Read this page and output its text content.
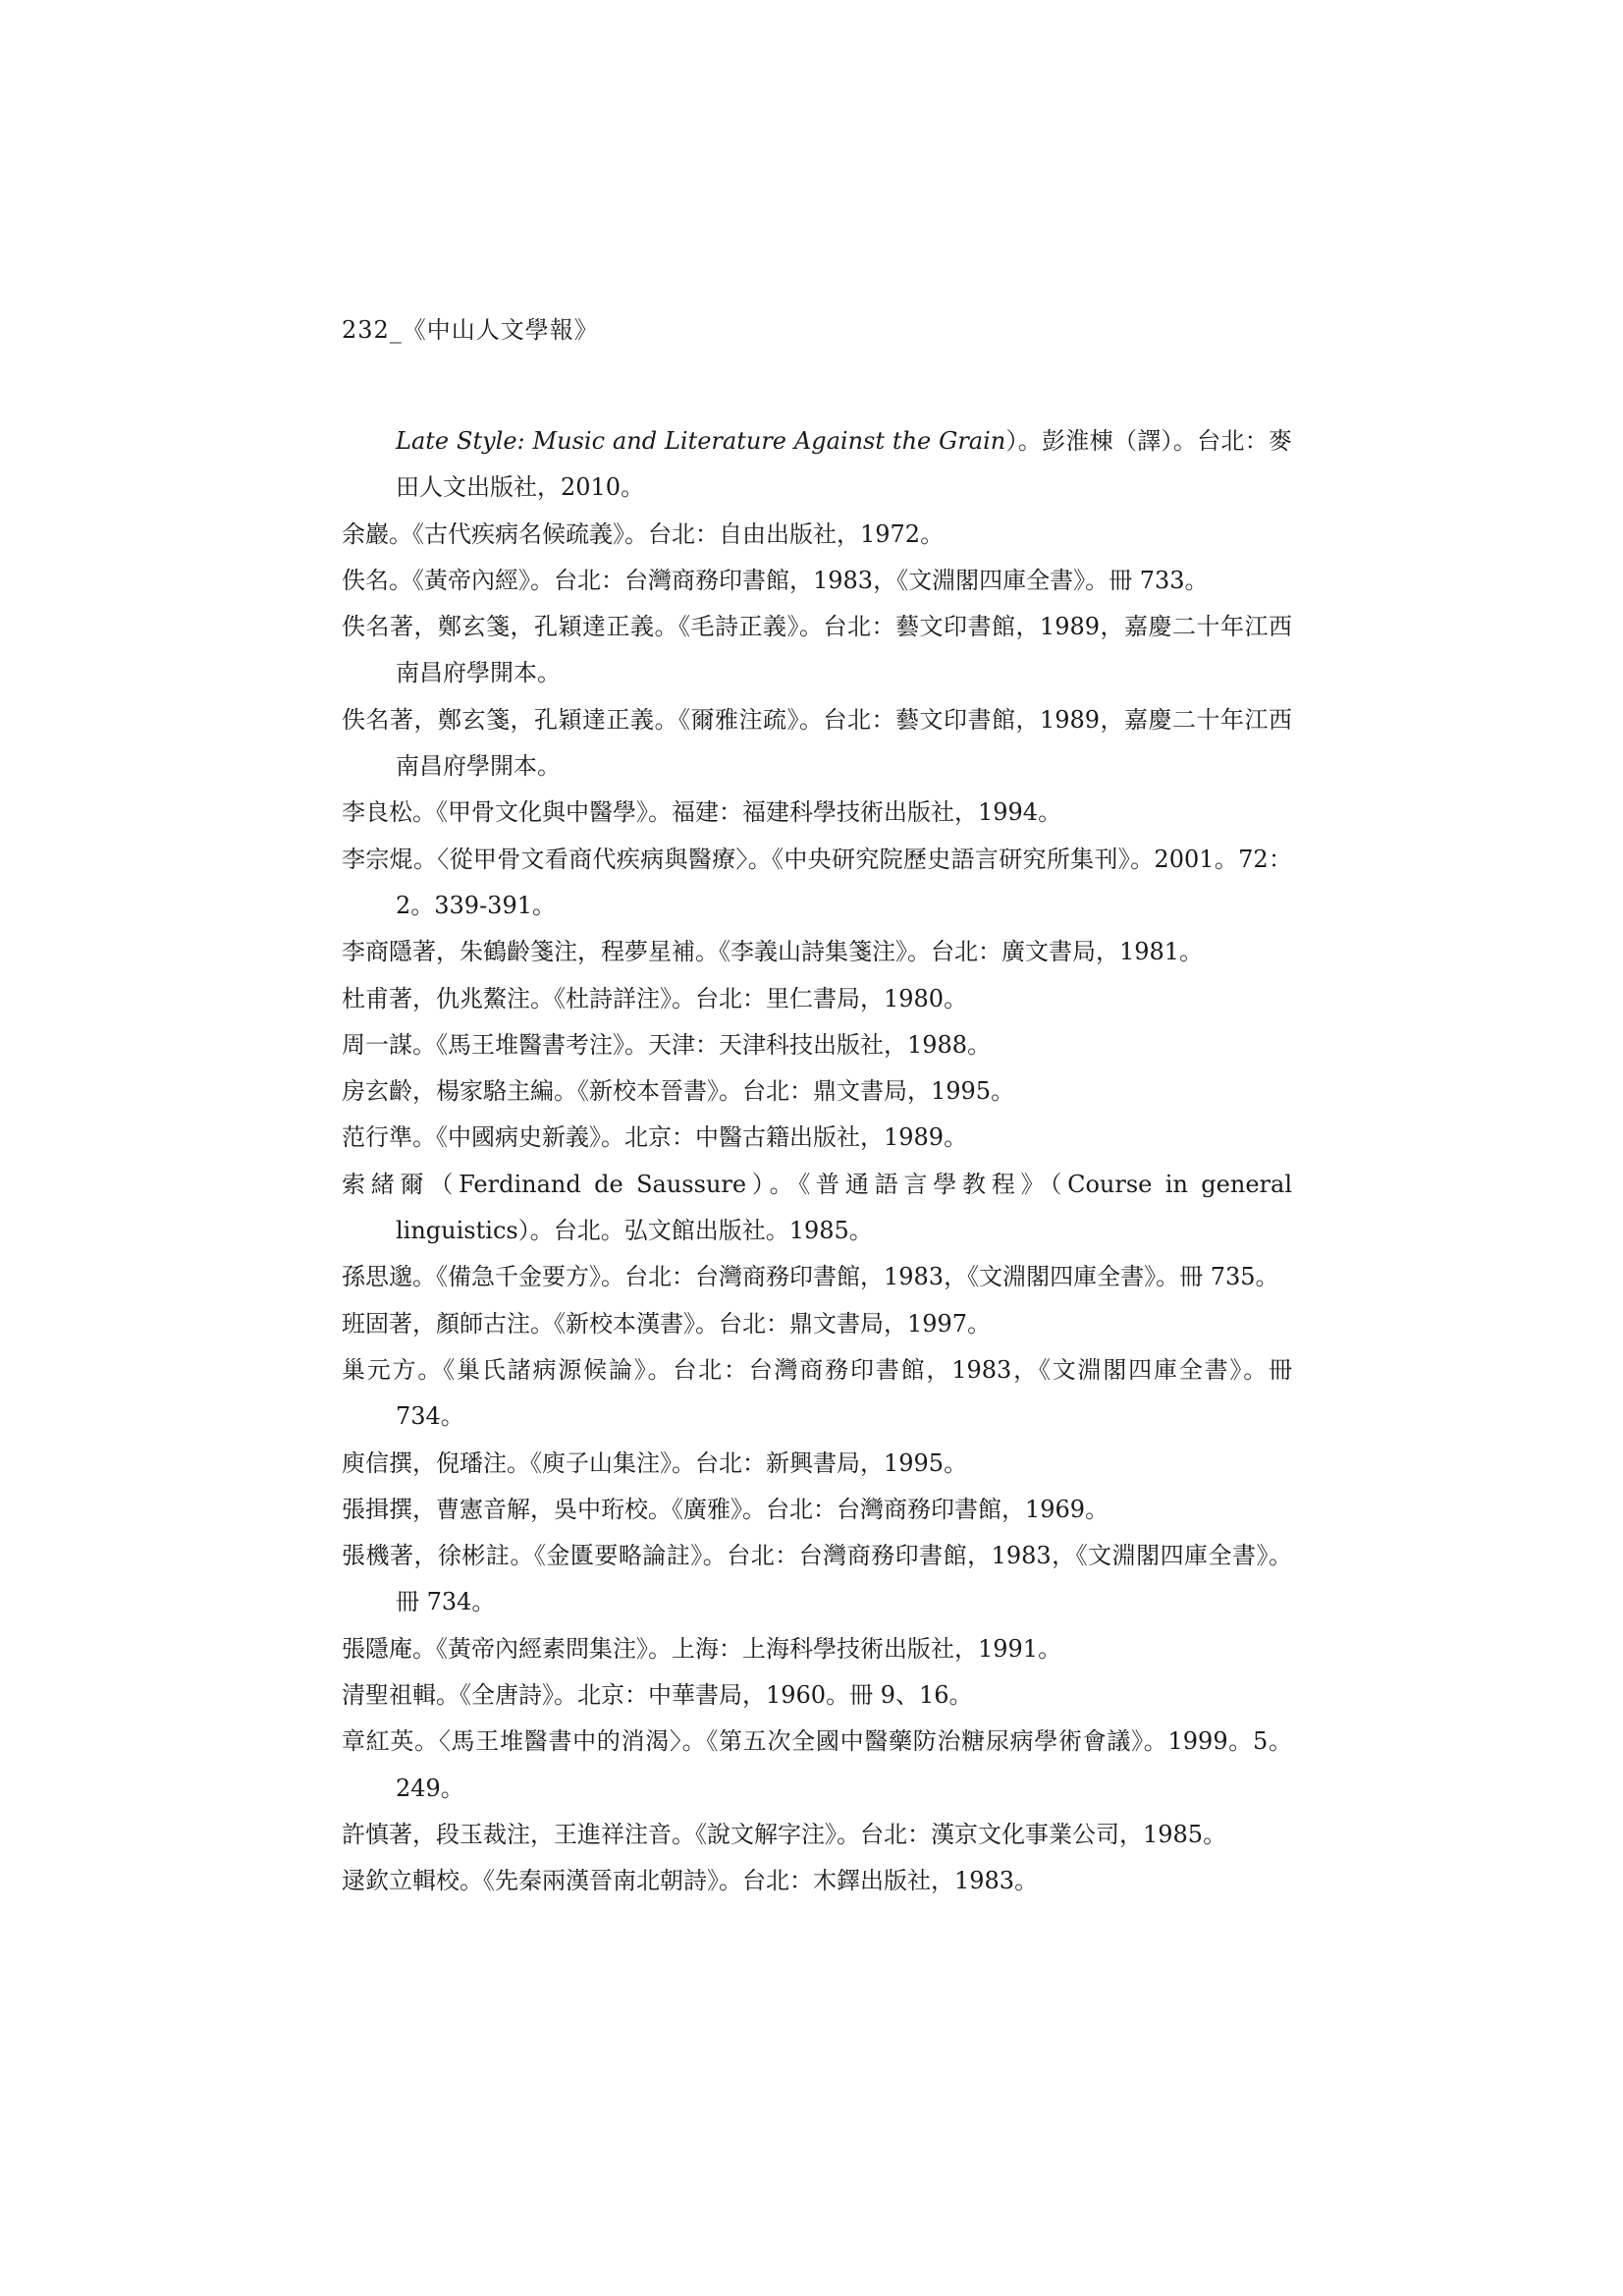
232_《中山人文學報》
Late Style: Music and Literature Against the Grain）。彭淮棟（譯）。台北：麥田人文出版社，2010。
余巖。《古代疾病名候疏義》。台北：自由出版社，1972。
佚名。《黃帝內經》。台北：台灣商務印書館，1983，《文淵閣四庫全書》。冊 733。
佚名著，鄭玄箋，孔穎達正義。《毛詩正義》。台北：藝文印書館，1989，嘉慶二十年江西南昌府學開本。
佚名著，鄭玄箋，孔穎達正義。《爾雅注疏》。台北：藝文印書館，1989，嘉慶二十年江西南昌府學開本。
李良松。《甲骨文化與中醫學》。福建：福建科學技術出版社，1994。
李宗焜。〈從甲骨文看商代疾病與醫療〉。《中央研究院歷史語言研究所集刊》。2001。72：2。339-391。
李商隱著，朱鶴齡箋注，程夢星補。《李義山詩集箋注》。台北：廣文書局，1981。
杜甫著，仇兆鰲注。《杜詩詳注》。台北：里仁書局，1980。
周一謀。《馬王堆醫書考注》。天津：天津科技出版社，1988。
房玄齡，楊家駱主編。《新校本晉書》。台北：鼎文書局，1995。
范行準。《中國病史新義》。北京：中醫古籍出版社，1989。
索緒爾（Ferdinand de Saussure）。《普通語言學教程》（Course in general linguistics）。台北。弘文館出版社。1985。
孫思邈。《備急千金要方》。台北：台灣商務印書館，1983，《文淵閣四庫全書》。冊 735。
班固著，顏師古注。《新校本漢書》。台北：鼎文書局，1997。
巢元方。《巢氏諸病源候論》。台北：台灣商務印書館，1983，《文淵閣四庫全書》。冊 734。
庾信撰，倪璠注。《庾子山集注》。台北：新興書局，1995。
張揖撰，曹憲音解，吳中珩校。《廣雅》。台北：台灣商務印書館，1969。
張機著，徐彬註。《金匱要略論註》。台北：台灣商務印書館，1983，《文淵閣四庫全書》。冊 734。
張隱庵。《黃帝內經素問集注》。上海：上海科學技術出版社，1991。
清聖祖輯。《全唐詩》。北京：中華書局，1960。冊 9、16。
章紅英。〈馬王堆醫書中的消渴〉。《第五次全國中醫藥防治糖尿病學術會議》。1999。5。249。
許慎著，段玉裁注，王進祥注音。《說文解字注》。台北：漢京文化事業公司，1985。
逯欽立輯校。《先秦兩漢晉南北朝詩》。台北：木鐸出版社，1983。
